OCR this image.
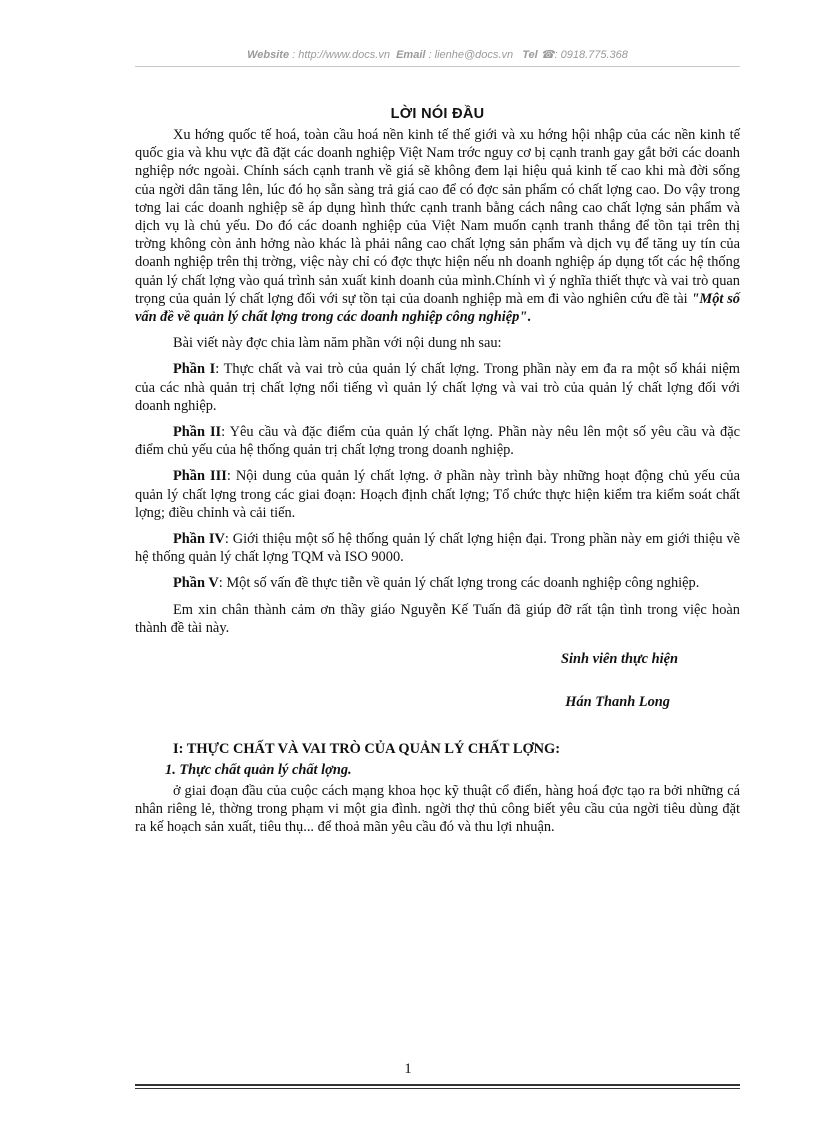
Website : http://www.docs.vn Email : lienhe@docs.vn Tel ☎: 0918.775.368
LỜI NÓI ĐẦU

Xu hớng quốc tế hoá, toàn cầu hoá nền kinh tế thế giới và xu hớng hội nhập của các nền kinh tế quốc gia và khu vực đã đặt các doanh nghiệp Việt Nam trớc nguy cơ bị cạnh tranh gay gắt bởi các doanh nghiệp nớc ngoài. Chính sách cạnh tranh về giá sẽ không đem lại hiệu quả kinh tế cao khi mà đời sống của ngời dân tăng lên, lúc đó họ sẵn sàng trả giá cao để có đợc sản phẩm có chất lợng cao. Do vậy trong tơng lai các doanh nghiệp sẽ áp dụng hình thức cạnh tranh bằng cách nâng cao chất lợng sản phẩm và dịch vụ là chủ yếu. Do đó các doanh nghiệp của Việt Nam muốn cạnh tranh thắng để tồn tại trên thị trờng không còn ảnh hởng nào khác là phải nâng cao chất lợng sản phẩm và dịch vụ để tăng uy tín của doanh nghiệp trên thị trờng, việc này chỉ có đợc thực hiện nếu nh doanh nghiệp áp dụng tốt các hệ thống quản lý chất lợng vào quá trình sản xuất kinh doanh của mình.Chính vì ý nghĩa thiết thực và vai trò quan trọng của quản lý chất lợng đối với sự tồn tại của doanh nghiệp mà em đi vào nghiên cứu đề tài "Một số vấn đề về quản lý chất lợng trong các doanh nghiệp công nghiệp".

Bài viết này đợc chia làm năm phần với nội dung nh sau:

Phần I: Thực chất và vai trò của quản lý chất lợng. Trong phần này em đa ra một số khái niệm của các nhà quản trị chất lợng nổi tiếng vì quản lý chất lợng và vai trò của quản lý chất lợng đối với doanh nghiệp.

Phần II: Yêu cầu và đặc điểm của quản lý chất lợng. Phần này nêu lên một số yêu cầu và đặc điểm chủ yếu của hệ thống quản trị chất lợng trong doanh nghiệp.

Phần III: Nội dung của quản lý chất lợng. ở phần này trình bày những hoạt động chủ yếu của quản lý chất lợng trong các giai đoạn: Hoạch định chất lợng; Tổ chức thực hiện kiểm tra kiểm soát chất lợng; điều chỉnh và cải tiến.

Phần IV: Giới thiệu một số hệ thống quản lý chất lợng hiện đại. Trong phần này em giới thiệu về hệ thống quản lý chất lợng TQM và ISO 9000.

Phần V: Một số vấn đề thực tiễn về quản lý chất lợng trong các doanh nghiệp công nghiệp.

Em xin chân thành cảm ơn thầy giáo Nguyễn Kế Tuấn đã giúp đỡ rất tận tình trong việc hoàn thành đề tài này.

Sinh viên thực hiện
Hán Thanh Long
I: THỰC CHẤT VÀ VAI TRÒ CỦA QUẢN LÝ CHẤT LỢNG:
1. Thực chất quản lý chất lợng.

ở giai đoạn đầu của cuộc cách mạng khoa học kỹ thuật cổ điển, hàng hoá đợc tạo ra bởi những cá nhân riêng lẻ, thờng trong phạm vi một gia đình. ngời thợ thủ công biết yêu cầu của ngời tiêu dùng đặt ra kế hoạch sản xuất, tiêu thụ... để thoả mãn yêu cầu đó và thu lợi nhuận.

1
